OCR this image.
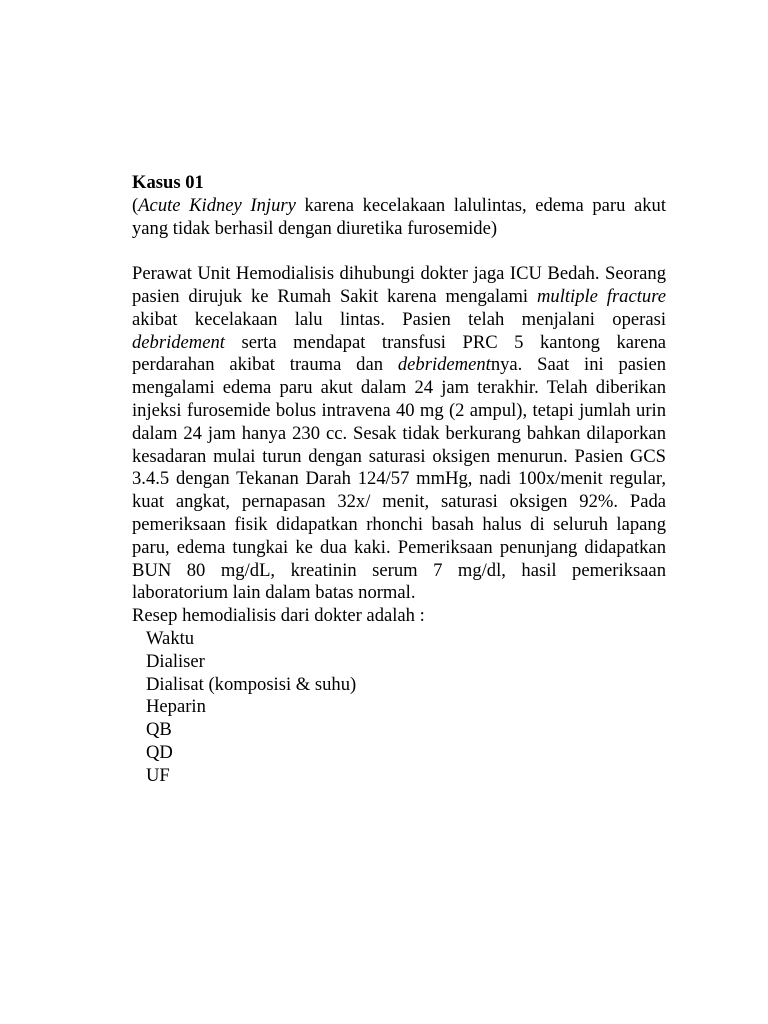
Kasus 01

(Acute Kidney Injury karena kecelakaan lalulintas, edema paru akut yang tidak berhasil dengan diuretika furosemide)

Perawat Unit Hemodialisis dihubungi dokter jaga ICU Bedah. Seorang pasien dirujuk ke Rumah Sakit karena mengalami multiple fracture akibat kecelakaan lalu lintas. Pasien telah menjalani operasi debridement serta mendapat transfusi PRC 5 kantong karena perdarahan akibat trauma dan debridementnya. Saat ini pasien mengalami edema paru akut dalam 24 jam terakhir. Telah diberikan injeksi furosemide bolus intravena 40 mg (2 ampul), tetapi jumlah urin dalam 24 jam hanya 230 cc. Sesak tidak berkurang bahkan dilaporkan kesadaran mulai turun dengan saturasi oksigen menurun. Pasien GCS 3.4.5 dengan Tekanan Darah 124/57 mmHg, nadi 100x/menit regular, kuat angkat, pernapasan 32x/ menit, saturasi oksigen 92%. Pada pemeriksaan fisik didapatkan rhonchi basah halus di seluruh lapang paru, edema tungkai ke dua kaki. Pemeriksaan penunjang didapatkan BUN 80 mg/dL, kreatinin serum 7 mg/dl, hasil pemeriksaan laboratorium lain dalam batas normal.

Resep hemodialisis dari dokter adalah :

Waktu
Dialiser
Dialisat (komposisi & suhu)
Heparin
QB
QD
UF
